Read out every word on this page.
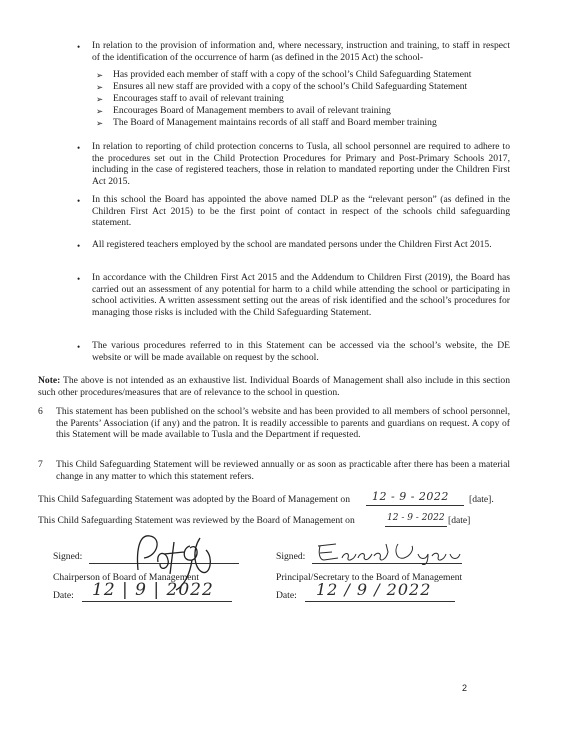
• In relation to the provision of information and, where necessary, instruction and training, to staff in respect of the identification of the occurrence of harm (as defined in the 2015 Act) the school-
➢ Has provided each member of staff with a copy of the school’s Child Safeguarding Statement
➢ Ensures all new staff are provided with a copy of the school’s Child Safeguarding Statement
➢ Encourages staff to avail of relevant training
➢ Encourages Board of Management members to avail of relevant training
➢ The Board of Management maintains records of all staff and Board member training
• In relation to reporting of child protection concerns to Tusla, all school personnel are required to adhere to the procedures set out in the Child Protection Procedures for Primary and Post-Primary Schools 2017, including in the case of registered teachers, those in relation to mandated reporting under the Children First Act 2015.
• In this school the Board has appointed the above named DLP as the “relevant person” (as defined in the Children First Act 2015) to be the first point of contact in respect of the schools child safeguarding statement.
• All registered teachers employed by the school are mandated persons under the Children First Act 2015.
• In accordance with the Children First Act 2015 and the Addendum to Children First (2019), the Board has carried out an assessment of any potential for harm to a child while attending the school or participating in school activities. A written assessment setting out the areas of risk identified and the school’s procedures for managing those risks is included with the Child Safeguarding Statement.
• The various procedures referred to in this Statement can be accessed via the school’s website, the DE website or will be made available on request by the school.
Note: The above is not intended as an exhaustive list. Individual Boards of Management shall also include in this section such other procedures/measures that are of relevance to the school in question.
6 This statement has been published on the school’s website and has been provided to all members of school personnel, the Parents’ Association (if any) and the patron. It is readily accessible to parents and guardians on request. A copy of this Statement will be made available to Tusla and the Department if requested.
7 This Child Safeguarding Statement will be reviewed annually or as soon as practicable after there has been a material change in any matter to which this statement refers.
This Child Safeguarding Statement was adopted by the Board of Management on 12 - 9 - 2022 [date].
This Child Safeguarding Statement was reviewed by the Board of Management on	12 - 9 - 2022 [date]
Signed:
Chairperson of Board of Management
Date: 12 | 9 | 2022
Signed:
Principal/Secretary to the Board of Management
Date: 12 / 9 / 2022
2
